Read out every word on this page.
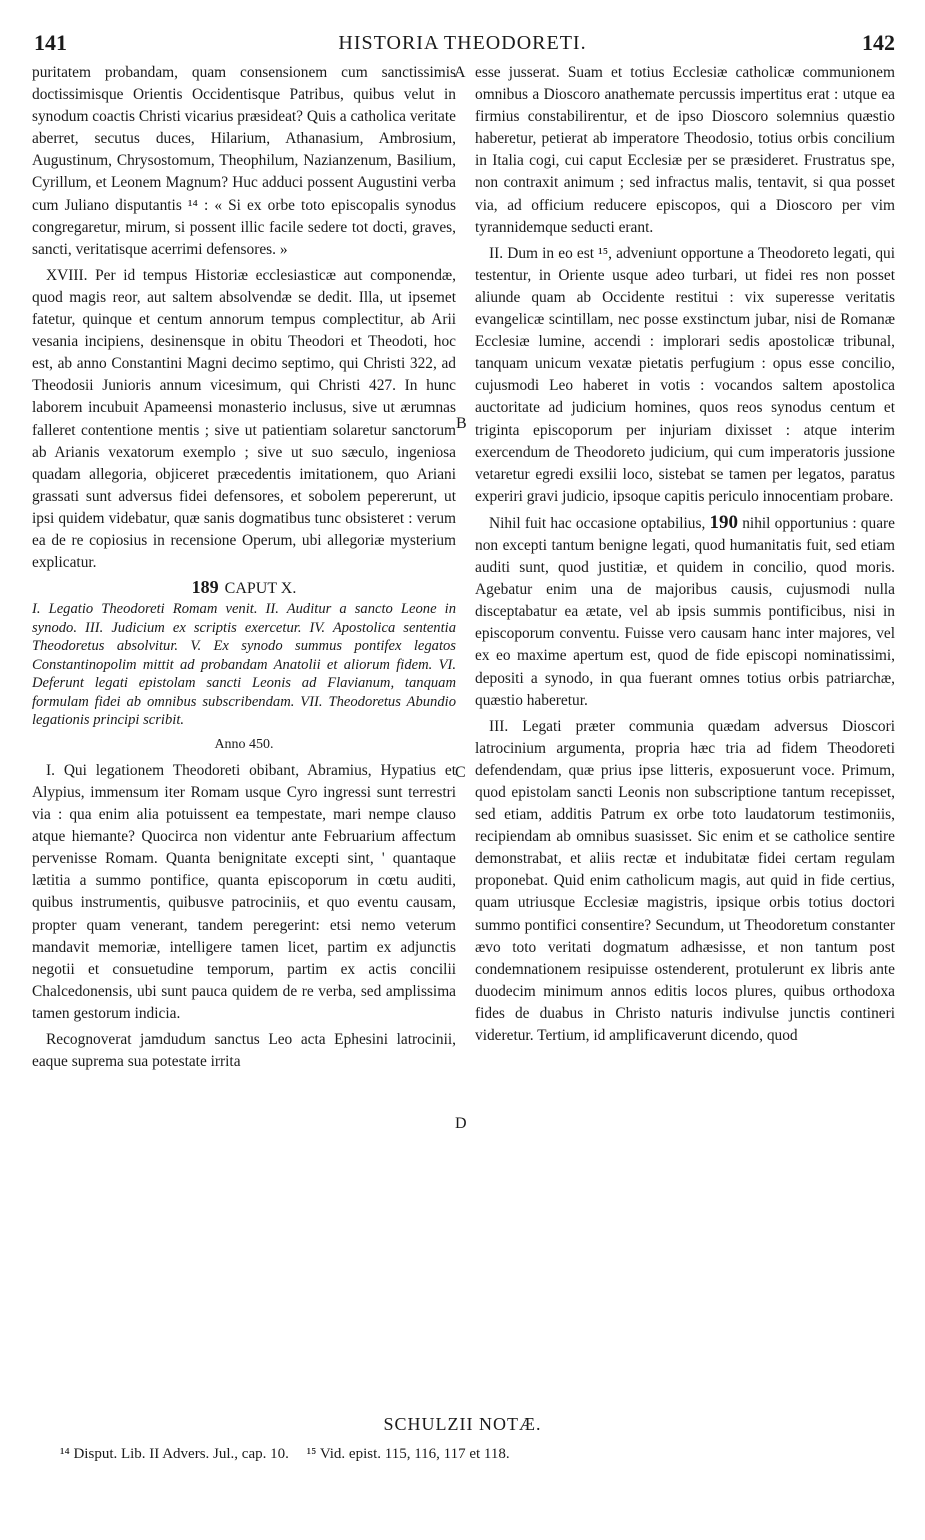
141	HISTORIA THEODORETI.	142
A
B
C
D

puritatem probandam, quam consensionem cum sanctissimis doctissimisque Orientis Occidentisque Patribus, quibus velut in synodum coactis Christi vicarius præsideat? Quis a catholica veritate aberret, secutus duces, Hilarium, Athanasium, Ambrosium, Augustinum, Chrysostomum, Theophilum, Nazianzenum, Basilium, Cyrillum, et Leonem Magnum? Huc adduci possent Augustini verba cum Juliano disputantis ¹⁴ : « Si ex orbe toto episcopalis synodus congregaretur, mirum, si possent illic facile sedere tot docti, graves, sancti, veritatisque acerrimi defensores. »

XVIII. Per id tempus Historiæ ecclesiasticæ aut componendæ, quod magis reor, aut saltem absolvendæ se dedit. Illa, ut ipsemet fatetur, quinque et centum annorum tempus complectitur, ab Arii vesania incipiens, desinensque in obitu Theodori et Theodoti, hoc est, ab anno Constantini Magni decimo septimo, qui Christi 322, ad Theodosii Junioris annum vicesimum, qui Christi 427. In hunc laborem incubuit Apameensi monasterio inclusus, sive ut ærumnas falleret contentione mentis ; sive ut patientiam solaretur sanctorum ab Arianis vexatorum exemplo ; sive ut suo sæculo, ingeniosa quadam allegoria, objiceret præcedentis imitationem, quo Ariani grassati sunt adversus fidei defensores, et sobolem pepererunt, ut ipsi quidem videbatur, quæ sanis dogmatibus tunc obsisteret : verum ea de re copiosius in recensione Operum, ubi allegoriæ mysterium explicatur.

189 CAPUT X.

I. Legatio Theodoreti Romam venit. II. Auditur a sancto Leone in synodo. III. Judicium ex scriptis exercetur. IV. Apostolica sententia Theodoretus absolvitur. V. Ex synodo summus pontifex legatos Constantinopolim mittit ad probandam Anatolii et aliorum fidem. VI. Deferunt legati epistolam sancti Leonis ad Flavianum, tanquam formulam fidei ab omnibus subscribendam. VII. Theodoretus Abundio legationis principi scribit.

Anno 450.

I. Qui legationem Theodoreti obibant, Abramius, Hypatius et Alypius, immensum iter Romam usque Cyro ingressi sunt terrestri via : qua enim alia potuissent ea tempestate, mari nempe clauso atque hiemante? Quocirca non videntur ante Februarium affectum pervenisse Romam. Quanta benignitate excepti sint, ' quantaque lætitia a summo pontifice, quanta episcoporum in cœtu auditi, quibus instrumentis, quibusve patrociniis, et quo eventu causam, propter quam venerant, tandem peregerint: etsi nemo veterum mandavit memoriæ, intelligere tamen licet, partim ex adjunctis negotii et consuetudine temporum, partim ex actis concilii Chalcedonensis, ubi sunt pauca quidem de re verba, sed amplissima tamen gestorum indicia.

Recognoverat jamdudum sanctus Leo acta Ephesini latrocinii, eaque suprema sua potestate irrita

esse jusserat. Suam et totius Ecclesiæ catholicæ communionem omnibus a Dioscoro anathemate percussis impertitus erat : utque ea firmius constabilirentur, et de ipso Dioscoro solemnius quæstio haberetur, petierat ab imperatore Theodosio, totius orbis concilium in Italia cogi, cui caput Ecclesiæ per se præsideret. Frustratus spe, non contraxit animum ; sed infractus malis, tentavit, si qua posset via, ad officium reducere episcopos, qui a Dioscoro per vim tyrannidemque seducti erant.

II. Dum in eo est ¹⁵, adveniunt opportune a Theodoreto legati, qui testentur, in Oriente usque adeo turbari, ut fidei res non posset aliunde quam ab Occidente restitui : vix superesse veritatis evangelicæ scintillam, nec posse exstinctum jubar, nisi de Romanæ Ecclesiæ lumine, accendi : implorari sedis apostolicæ tribunal, tanquam unicum vexatæ pietatis perfugium : opus esse concilio, cujusmodi Leo haberet in votis : vocandos saltem apostolica auctoritate ad judicium homines, quos reos synodus centum et triginta episcoporum per injuriam dixisset : atque interim exercendum de Theodoreto judicium, qui cum imperatoris jussione vetaretur egredi exsilii loco, sistebat se tamen per legatos, paratus experiri gravi judicio, ipsoque capitis periculo innocentiam probare.

Nihil fuit hac occasione optabilius, 190 nihil opportunius : quare non excepti tantum benigne legati, quod humanitatis fuit, sed etiam auditi sunt, quod justitiæ, et quidem in concilio, quod moris. Agebatur enim una de majoribus causis, cujusmodi nulla disceptabatur ea ætate, vel ab ipsis summis pontificibus, nisi in episcoporum conventu. Fuisse vero causam hanc inter majores, vel ex eo maxime apertum est, quod de fide episcopi nominatissimi, depositi a synodo, in qua fuerant omnes totius orbis patriarchæ, quæstio haberetur.

III. Legati præter communia quædam adversus Dioscori latrocinium argumenta, propria hæc tria ad fidem Theodoreti defendendam, quæ prius ipse litteris, exposuerunt voce. Primum, quod epistolam sancti Leonis non subscriptione tantum recepisset, sed etiam, additis Patrum ex orbe toto laudatorum testimoniis, recipiendam ab omnibus suasisset. Sic enim et se catholice sentire demonstrabat, et aliis rectæ et indubitatæ fidei certam regulam proponebat. Quid enim catholicum magis, aut quid in fide certius, quam utriusque Ecclesiæ magistris, ipsique orbis totius doctori summo pontifici consentire? Secundum, ut Theodoretum constanter ævo toto veritati dogmatum adhæsisse, et non tantum post condemnationem resipuisse ostenderent, protulerunt ex libris ante duodecim minimum annos editis locos plures, quibus orthodoxa fides de duabus in Christo naturis indivulse junctis contineri videretur. Tertium, id amplificaverunt dicendo, quod

SCHULZII NOTÆ.
¹⁴ Disput. Lib. II Advers. Jul., cap. 10. ¹⁵ Vid. epist. 115, 116, 117 et 118.
